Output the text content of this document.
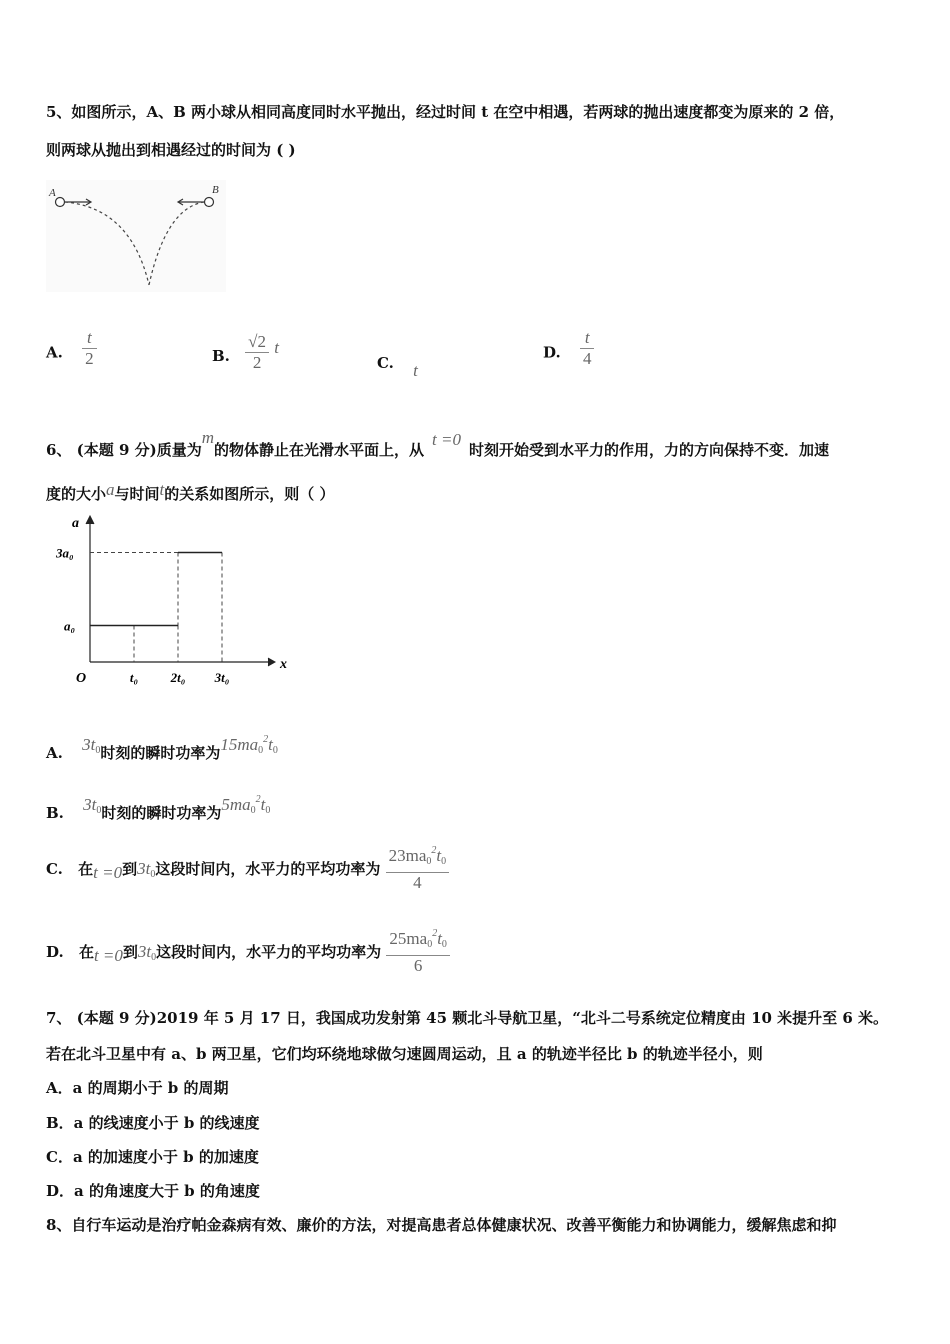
5、如图所示，A、B 两小球从相同高度同时水平抛出，经过时间 t 在空中相遇，若两球的抛出速度都变为原来的 2 倍，
则两球从抛出到相遇经过的时间为 ( )
A	B
A. $\frac{t}{2}$	B. $\frac{√2}{2}$ t
C. t
D. $\frac{t}{4}$
6、 (本题 9 分)质量为m的物体静止在光滑水平面上，从t =0时刻开始受到水平力的作用，力的方向保持不变．加速
度的大小a与时间t的关系如图所示，则（ ）
x
a
O
3a₀
a₀
t₀	2t₀ 3t₀
A. 3t0时刻的瞬时功率为$15ma0^2t0$
B. 3t0时刻的瞬时功率为$5ma0^2t0$
C. 在t =0到3t0这段时间内，水平力的平均功率为 $\frac{23ma0^2t0}{4}$
D. 在t =0到3t0这段时间内，水平力的平均功率为 $\frac{25ma0^2t0}{6}$
7、 (本题 9 分)2019 年 5 月 17 日，我国成功发射第 45 颗北斗导航卫星，“北斗二号系统定位精度由 10 米提升至 6 米。
若在北斗卫星中有 a、b 两卫星，它们均环绕地球做匀速圆周运动，且 a 的轨迹半径比 b 的轨迹半径小，则
A．a 的周期小于 b 的周期
B．a 的线速度小于 b 的线速度
C．a 的加速度小于 b 的加速度
D．a 的角速度大于 b 的角速度
8、自行车运动是治疗帕金森病有效、廉价的方法，对提高患者总体健康状况、改善平衡能力和协调能力，缓解焦虑和抑
